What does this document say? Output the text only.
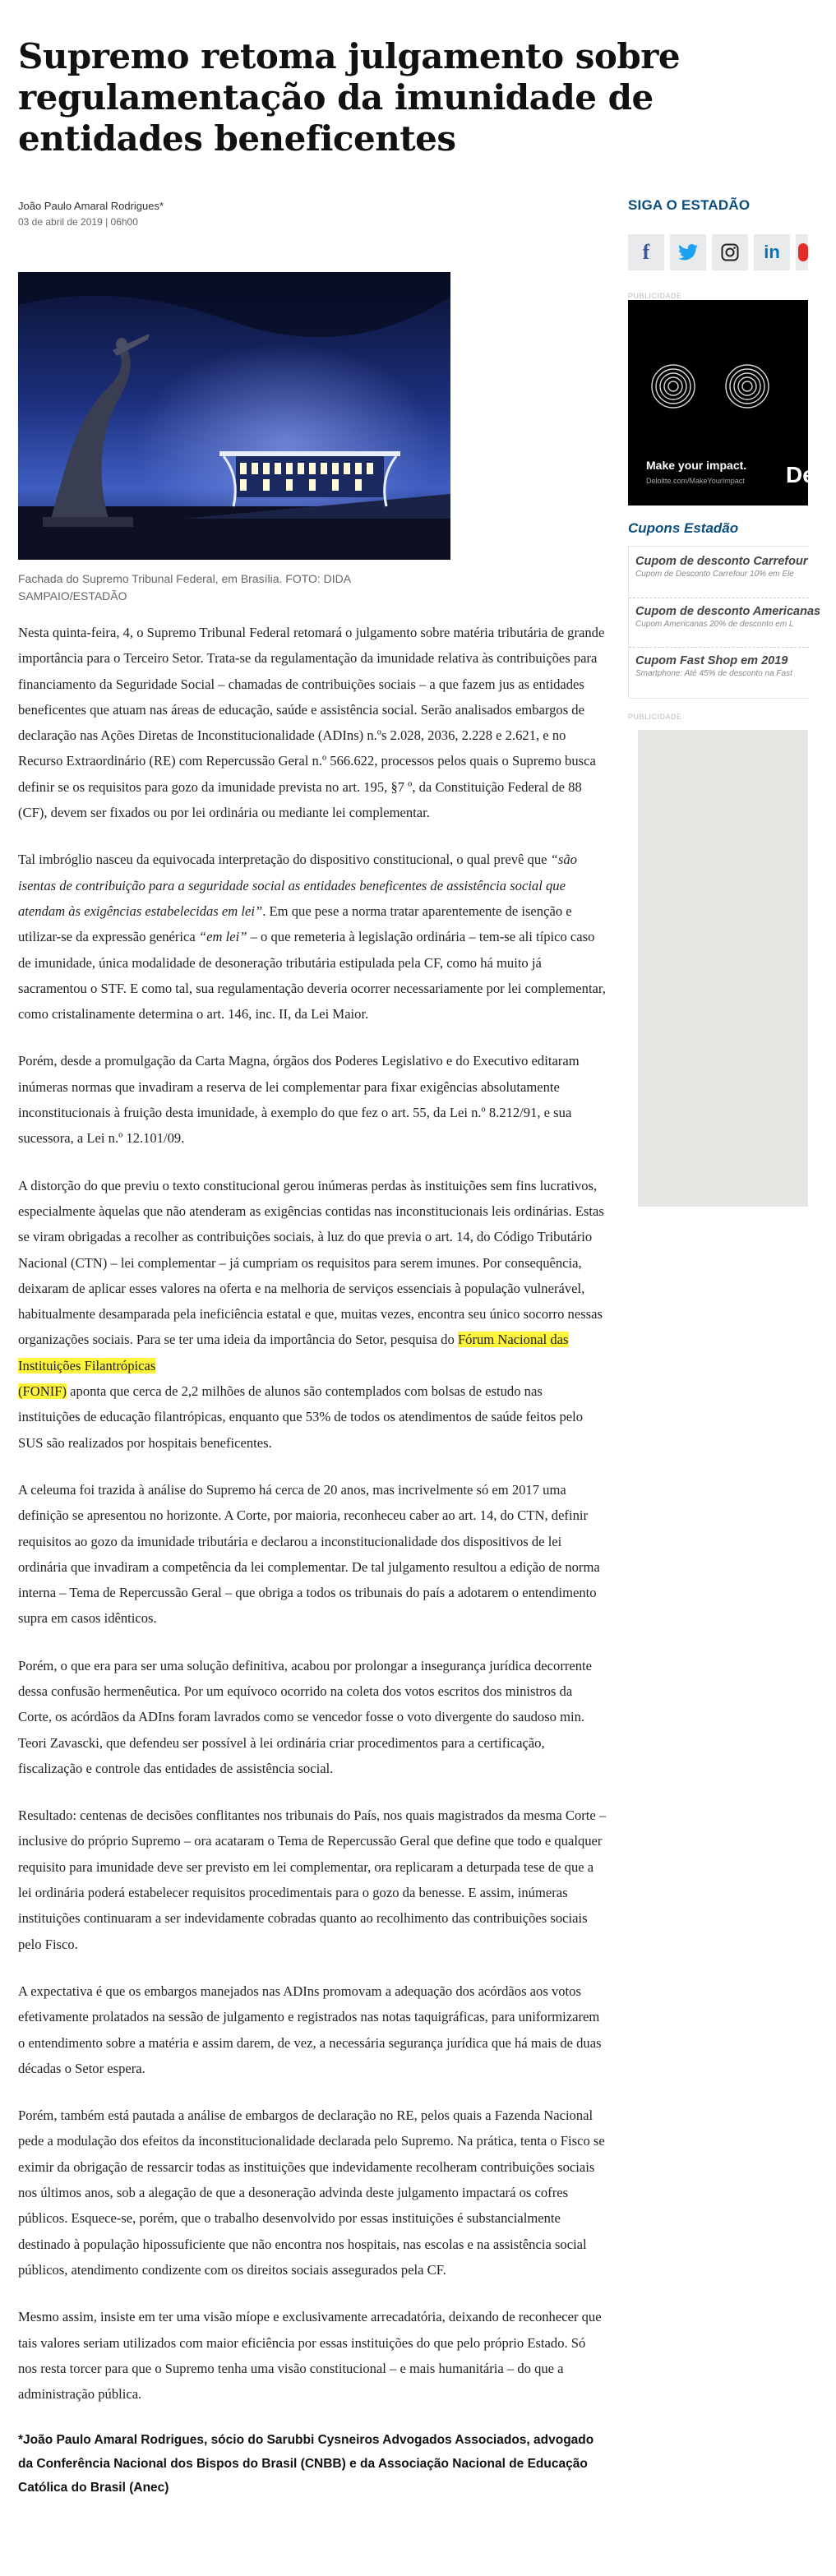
Supremo retoma julgamento sobre regulamentação da imunidade de entidades beneficentes
João Paulo Amaral Rodrigues*
03 de abril de 2019 | 06h00
Fachada do Supremo Tribunal Federal, em Brasília. FOTO: DIDA SAMPAIO/ESTADÃO

Nesta quinta-feira, 4, o Supremo Tribunal Federal retomará o julgamento sobre matéria tributária de grande importância para o Terceiro Setor. Trata-se da regulamentação da imunidade relativa às contribuições para financiamento da Seguridade Social – chamadas de contribuições sociais – a que fazem jus as entidades beneficentes que atuam nas áreas de educação, saúde e assistência social. Serão analisados embargos de declaração nas Ações Diretas de Inconstitucionalidade (ADIns) n.ºs 2.028, 2036, 2.228 e 2.621, e no Recurso Extraordinário (RE) com Repercussão Geral n.º 566.622, processos pelos quais o Supremo busca definir se os requisitos para gozo da imunidade prevista no art. 195, §7 º, da Constituição Federal de 88 (CF), devem ser fixados ou por lei ordinária ou mediante lei complementar.

Tal imbróglio nasceu da equivocada interpretação do dispositivo constitucional, o qual prevê que “são isentas de contribuição para a seguridade social as entidades beneficentes de assistência social que atendam às exigências estabelecidas em lei”. Em que pese a norma tratar aparentemente de isenção e utilizar-se da expressão genérica “em lei” – o que remeteria à legislação ordinária – tem-se ali típico caso de imunidade, única modalidade de desoneração tributária estipulada pela CF, como há muito já sacramentou o STF. E como tal, sua regulamentação deveria ocorrer necessariamente por lei complementar, como cristalinamente determina o art. 146, inc. II, da Lei Maior.

Porém, desde a promulgação da Carta Magna, órgãos dos Poderes Legislativo e do Executivo editaram inúmeras normas que invadiram a reserva de lei complementar para fixar exigências absolutamente inconstitucionais à fruição desta imunidade, à exemplo do que fez o art. 55, da Lei n.º 8.212/91, e sua sucessora, a Lei n.º 12.101/09.

A distorção do que previu o texto constitucional gerou inúmeras perdas às instituições sem fins lucrativos, especialmente àquelas que não atenderam as exigências contidas nas inconstitucionais leis ordinárias. Estas se viram obrigadas a recolher as contribuições sociais, à luz do que previa o art. 14, do Código Tributário Nacional (CTN) – lei complementar – já cumpriam os requisitos para serem imunes. Por consequência, deixaram de aplicar esses valores na oferta e na melhoria de serviços essenciais à população vulnerável, habitualmente desamparada pela ineficiência estatal e que, muitas vezes, encontra seu único socorro nessas organizações sociais. Para se ter uma ideia da importância do Setor, pesquisa do Fórum Nacional das Instituições Filantrópicas
(FONIF) aponta que cerca de 2,2 milhões de alunos são contemplados com bolsas de estudo nas instituições de educação filantrópicas, enquanto que 53% de todos os atendimentos de saúde feitos pelo SUS são realizados por hospitais beneficentes.

A celeuma foi trazida à análise do Supremo há cerca de 20 anos, mas incrivelmente só em 2017 uma definição se apresentou no horizonte. A Corte, por maioria, reconheceu caber ao art. 14, do CTN, definir requisitos ao gozo da imunidade tributária e declarou a inconstitucionalidade dos dispositivos de lei ordinária que invadiram a competência da lei complementar. De tal julgamento resultou a edição de norma interna – Tema de Repercussão Geral – que obriga a todos os tribunais do país a adotarem o entendimento supra em casos idênticos.

Porém, o que era para ser uma solução definitiva, acabou por prolongar a insegurança jurídica decorrente dessa confusão hermenêutica. Por um equívoco ocorrido na coleta dos votos escritos dos ministros da Corte, os acórdãos da ADIns foram lavrados como se vencedor fosse o voto divergente do saudoso min. Teori Zavascki, que defendeu ser possível à lei ordinária criar procedimentos para a certificação, fiscalização e controle das entidades de assistência social.

Resultado: centenas de decisões conflitantes nos tribunais do País, nos quais magistrados da mesma Corte – inclusive do próprio Supremo – ora acataram o Tema de Repercussão Geral que define que todo e qualquer requisito para imunidade deve ser previsto em lei complementar, ora replicaram a deturpada tese de que a lei ordinária poderá estabelecer requisitos procedimentais para o gozo da benesse. E assim, inúmeras instituições continuaram a ser indevidamente cobradas quanto ao recolhimento das contribuições sociais pelo Fisco.

A expectativa é que os embargos manejados nas ADIns promovam a adequação dos acórdãos aos votos efetivamente prolatados na sessão de julgamento e registrados nas notas taquigráficas, para uniformizarem o entendimento sobre a matéria e assim darem, de vez, a necessária segurança jurídica que há mais de duas décadas o Setor espera.

Porém, também está pautada a análise de embargos de declaração no RE, pelos quais a Fazenda Nacional pede a modulação dos efeitos da inconstitucionalidade declarada pelo Supremo. Na prática, tenta o Fisco se eximir da obrigação de ressarcir todas as instituições que indevidamente recolheram contribuições sociais nos últimos anos, sob a alegação de que a desoneração advinda deste julgamento impactará os cofres públicos. Esquece-se, porém, que o trabalho desenvolvido por essas instituições é substancialmente destinado à população hipossuficiente que não encontra nos hospitais, nas escolas e na assistência social públicos, atendimento condizente com os direitos sociais assegurados pela CF.

Mesmo assim, insiste em ter uma visão míope e exclusivamente arrecadatória, deixando de reconhecer que tais valores seriam utilizados com maior eficiência por essas instituições do que pelo próprio Estado. Só nos resta torcer para que o Supremo tenha uma visão constitucional – e mais humanitária – do que a administração pública.

*João Paulo Amaral Rodrigues, sócio do Sarubbi Cysneiros Advogados Associados, advogado da Conferência Nacional dos Bispos do Brasil (CNBB) e da Associação Nacional de Educação Católica do Brasil (Anec)

SIGA O ESTADÃO
f	in
PUBLICIDADE
Make your impact.
Deloitte.com/MakeYourImpact Delo
Cupons Estadão
Cupom de desconto Carrefour
Cupom de Desconto Carrefour 10% em Ele
Cupom de desconto Americanas
Cupom Americanas 20% de desconto em L
Cupom Fast Shop em 2019
Smartphone: Até 45% de desconto na Fast
PUBLICIDADE
